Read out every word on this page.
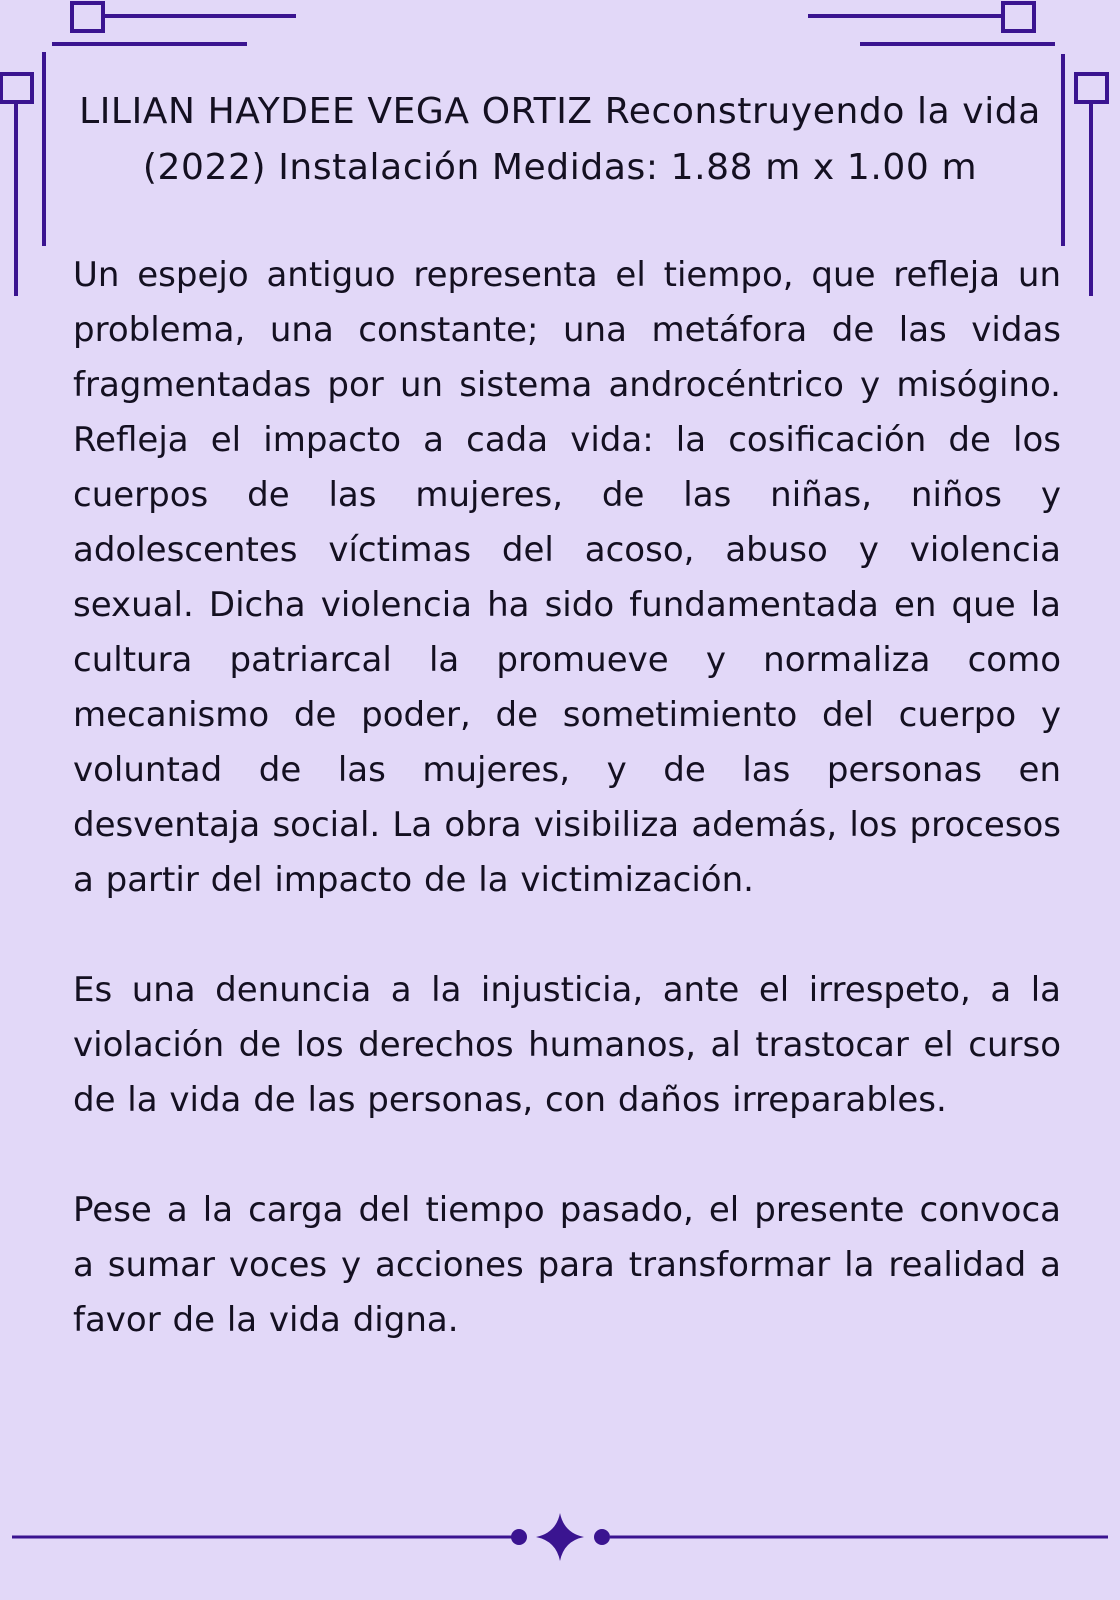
LILIAN HAYDEE VEGA ORTIZ Reconstruyendo la vida (2022) Instalación Medidas: 1.88 m x 1.00 m

Un espejo antiguo representa el tiempo, que refleja un problema, una constante; una metáfora de las vidas fragmentadas por un sistema androcéntrico y misógino. Refleja el impacto a cada vida: la cosificación de los cuerpos de las mujeres, de las niñas, niños y adolescentes víctimas del acoso, abuso y violencia sexual. Dicha violencia ha sido fundamentada en que la cultura patriarcal la promueve y normaliza como mecanismo de poder, de sometimiento del cuerpo y voluntad de las mujeres, y de las personas en desventaja social. La obra visibiliza además, los procesos a partir del impacto de la victimización.

Es una denuncia a la injusticia, ante el irrespeto, a la violación de los derechos humanos, al trastocar el curso de la vida de las personas, con daños irreparables.

Pese a la carga del tiempo pasado, el presente convoca a sumar voces y acciones para transformar la realidad a favor de la vida digna.
